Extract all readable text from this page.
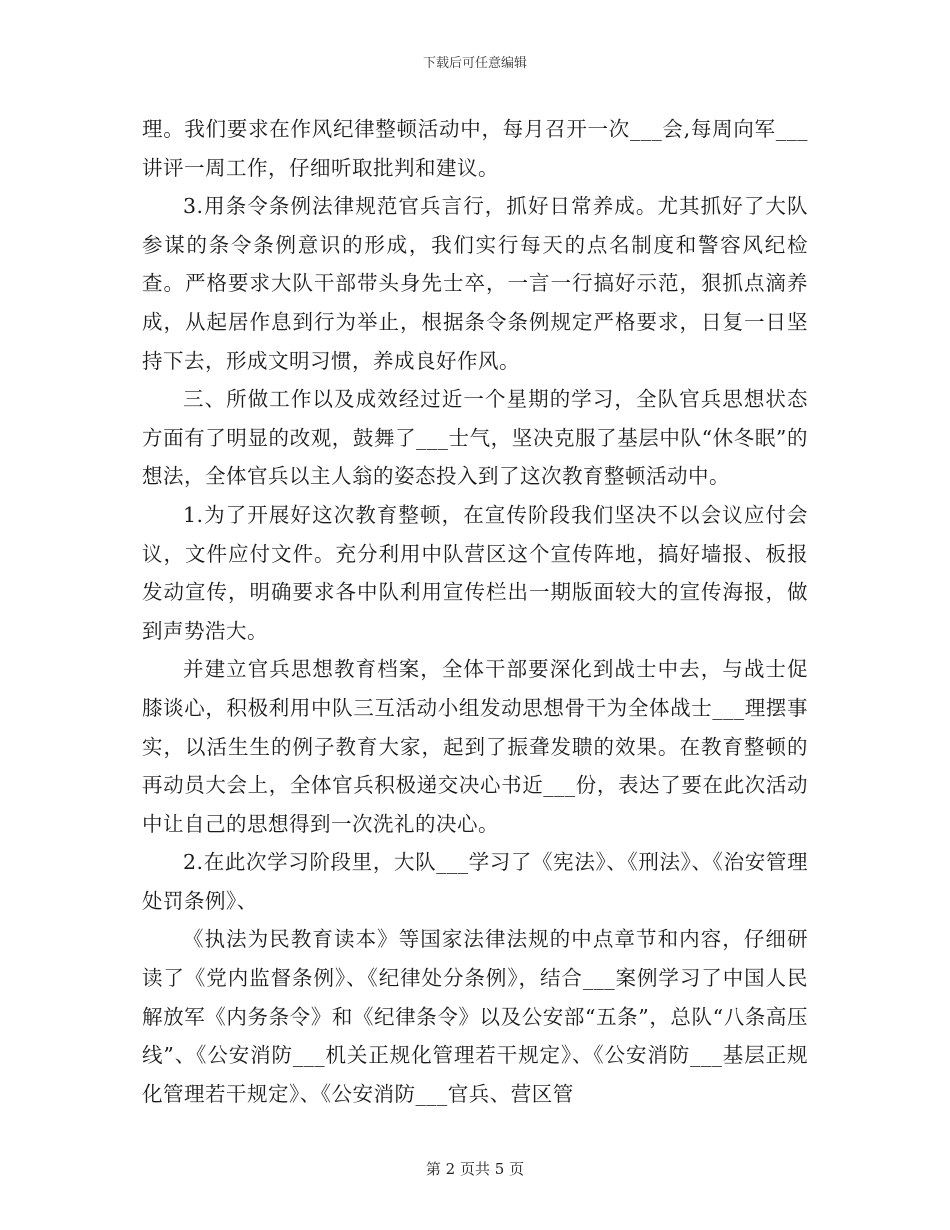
下载后可任意编辑

理。我们要求在作风纪律整顿活动中，每月召开一次___会,每周向军___讲评一周工作，仔细听取批判和建议。

3.用条令条例法律规范官兵言行，抓好日常养成。尤其抓好了大队参谋的条令条例意识的形成，我们实行每天的点名制度和警容风纪检查。严格要求大队干部带头身先士卒，一言一行搞好示范，狠抓点滴养成，从起居作息到行为举止，根据条令条例规定严格要求，日复一日坚持下去，形成文明习惯，养成良好作风。

三、所做工作以及成效经过近一个星期的学习，全队官兵思想状态方面有了明显的改观，鼓舞了___士气，坚决克服了基层中队“休冬眠”的想法，全体官兵以主人翁的姿态投入到了这次教育整顿活动中。

1.为了开展好这次教育整顿，在宣传阶段我们坚决不以会议应付会议，文件应付文件。充分利用中队营区这个宣传阵地，搞好墙报、板报发动宣传，明确要求各中队利用宣传栏出一期版面较大的宣传海报，做到声势浩大。

并建立官兵思想教育档案，全体干部要深化到战士中去，与战士促膝谈心，积极利用中队三互活动小组发动思想骨干为全体战士___理摆事实，以活生生的例子教育大家，起到了振聋发聩的效果。在教育整顿的再动员大会上，全体官兵积极递交决心书近___份，表达了要在此次活动中让自己的思想得到一次洗礼的决心。

2.在此次学习阶段里，大队___学习了《宪法》、《刑法》、《治安管理处罚条例》、

《执法为民教育读本》等国家法律法规的中点章节和内容，仔细研读了《党内监督条例》、《纪律处分条例》，结合___案例学习了中国人民解放军《内务条令》和《纪律条令》以及公安部“五条”，总队“八条高压线”、《公安消防___机关正规化管理若干规定》、《公安消防___基层正规化管理若干规定》、《公安消防___官兵、营区管

第 2 页共 5 页
